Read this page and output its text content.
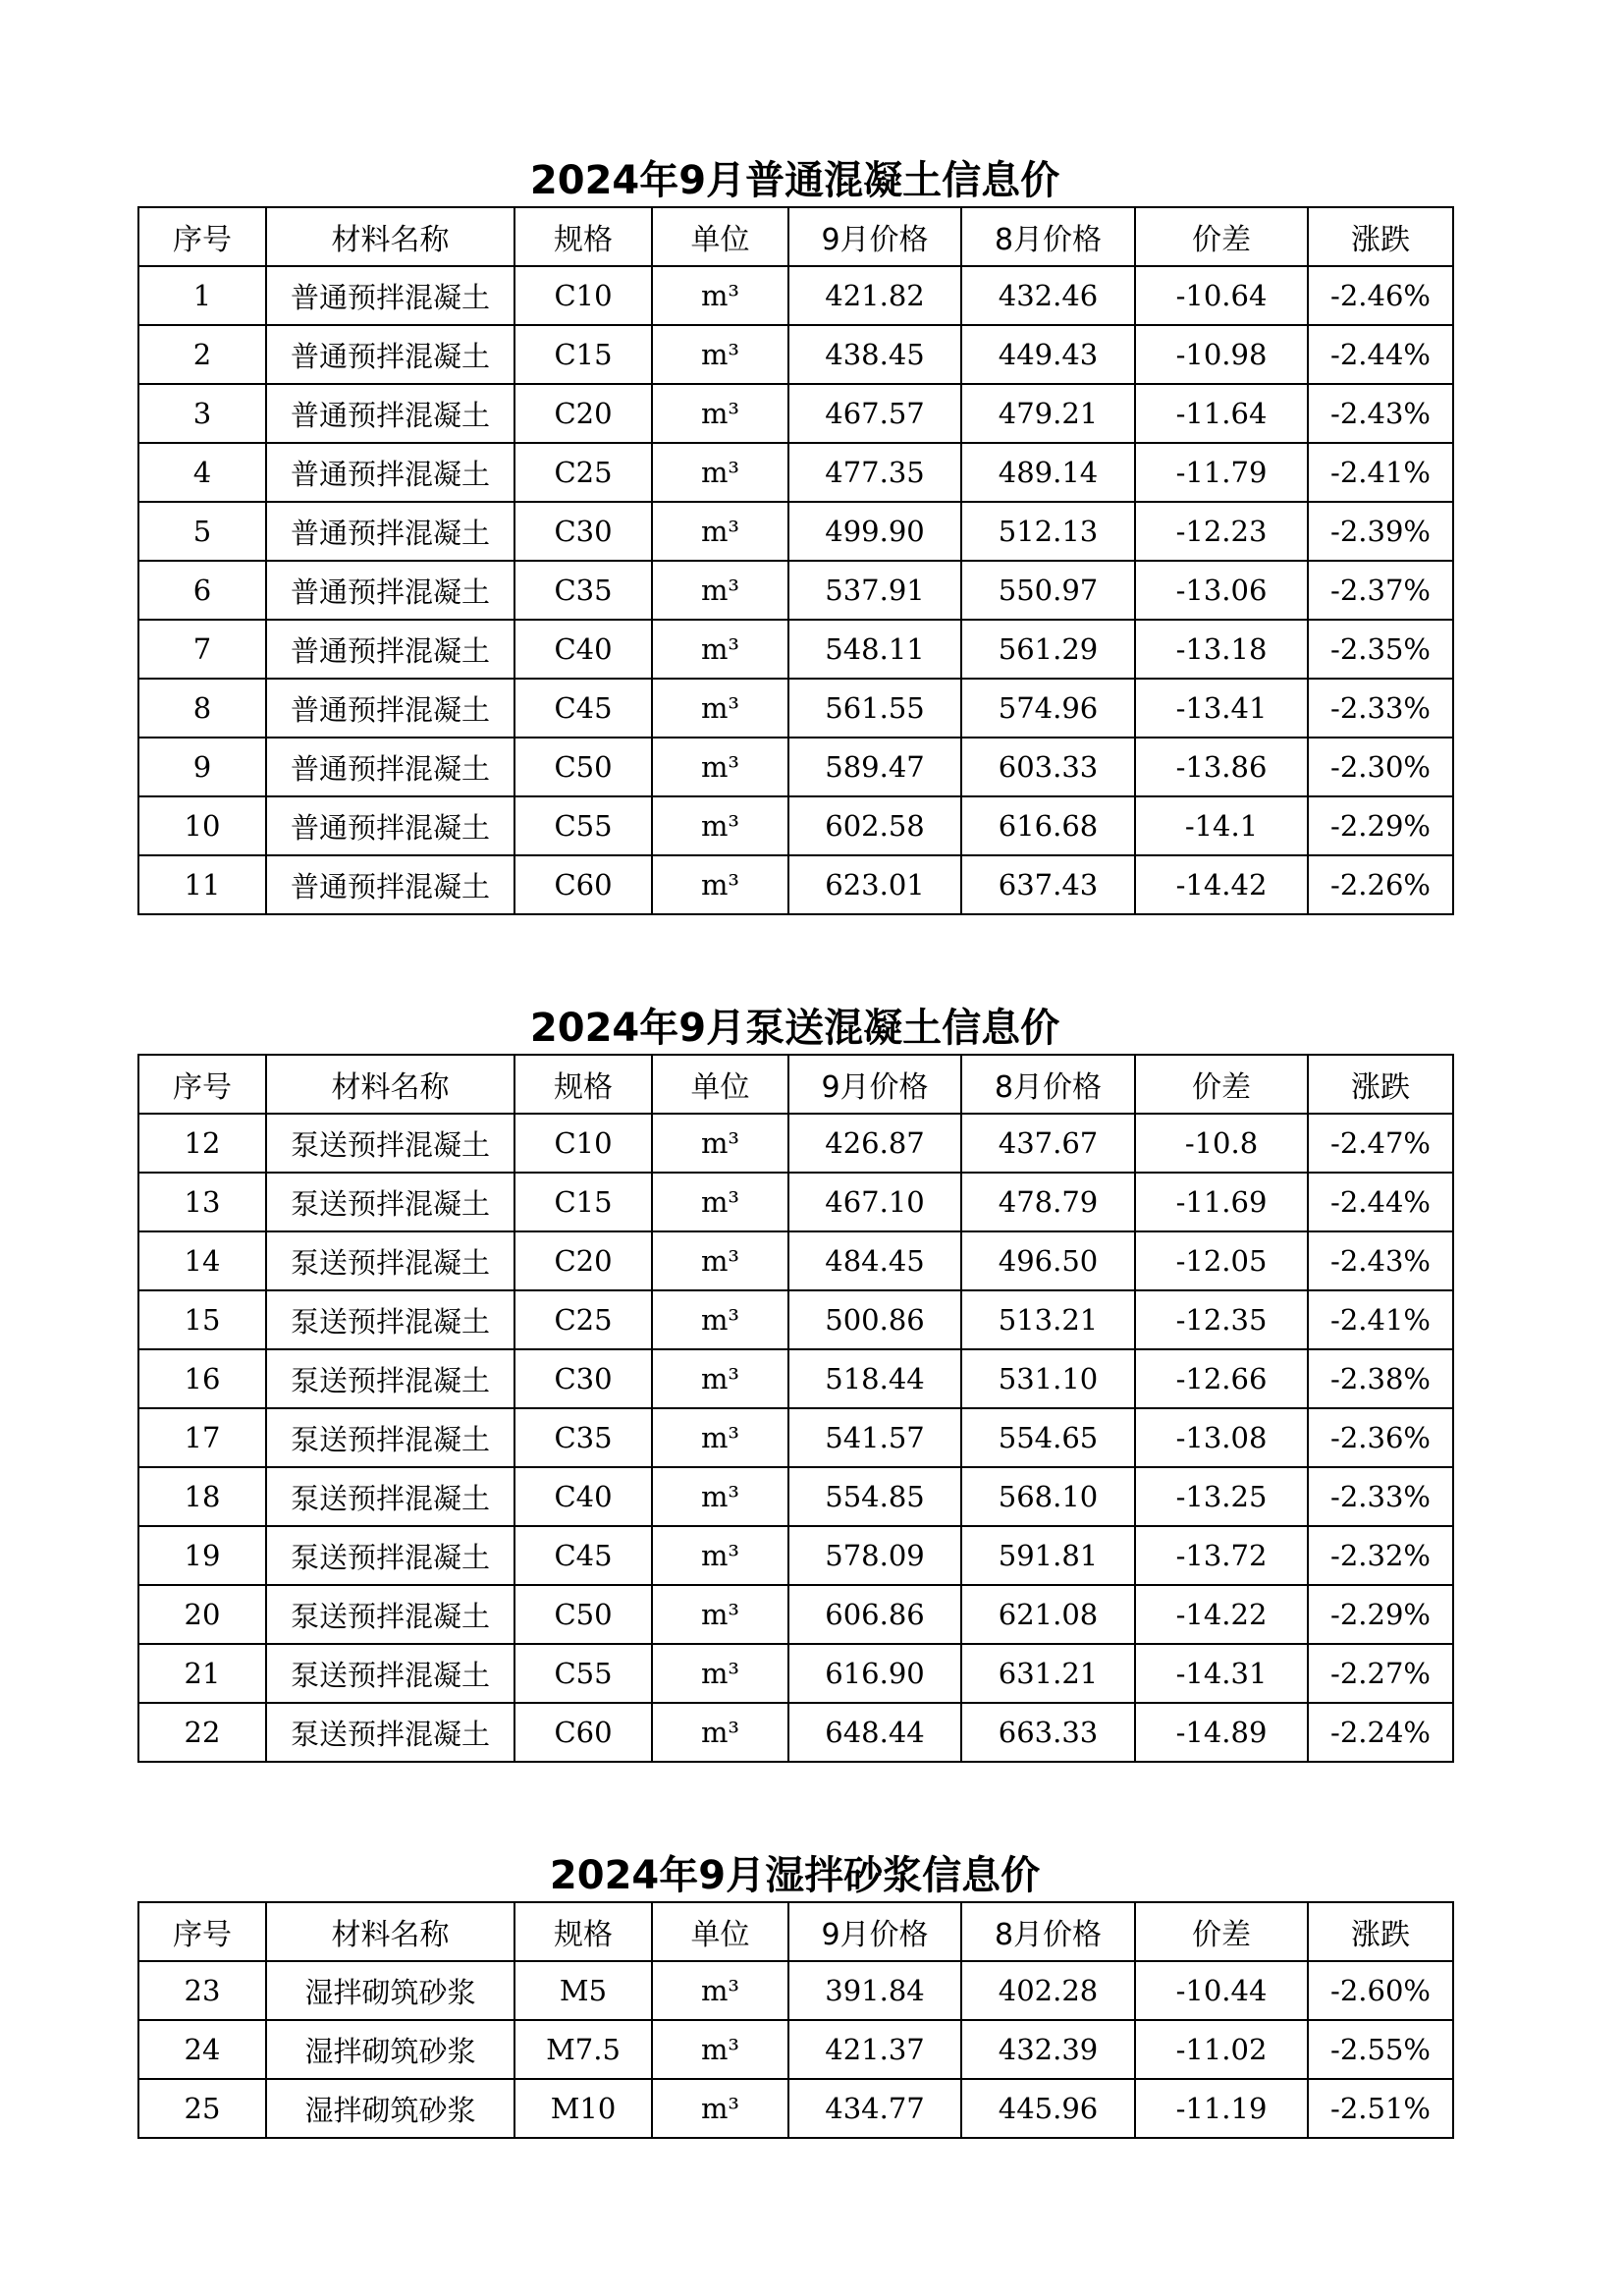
2024年9月普通混凝土信息价
序号	材料名称	规格	单位	9月价格	8月价格	价差	涨跌
1	普通预拌混凝土	C10	m³	421.82	432.46	-10.64	-2.46%
2	普通预拌混凝土	C15	m³	438.45	449.43	-10.98	-2.44%
3	普通预拌混凝土	C20	m³	467.57	479.21	-11.64	-2.43%
4	普通预拌混凝土	C25	m³	477.35	489.14	-11.79	-2.41%
5	普通预拌混凝土	C30	m³	499.90	512.13	-12.23	-2.39%
6	普通预拌混凝土	C35	m³	537.91	550.97	-13.06	-2.37%
7	普通预拌混凝土	C40	m³	548.11	561.29	-13.18	-2.35%
8	普通预拌混凝土	C45	m³	561.55	574.96	-13.41	-2.33%
9	普通预拌混凝土	C50	m³	589.47	603.33	-13.86	-2.30%
10	普通预拌混凝土	C55	m³	602.58	616.68	-14.1	-2.29%
11	普通预拌混凝土	C60	m³	623.01	637.43	-14.42	-2.26%
2024年9月泵送混凝土信息价
序号	材料名称	规格	单位	9月价格	8月价格	价差	涨跌
12	泵送预拌混凝土	C10	m³	426.87	437.67	-10.8	-2.47%
13	泵送预拌混凝土	C15	m³	467.10	478.79	-11.69	-2.44%
14	泵送预拌混凝土	C20	m³	484.45	496.50	-12.05	-2.43%
15	泵送预拌混凝土	C25	m³	500.86	513.21	-12.35	-2.41%
16	泵送预拌混凝土	C30	m³	518.44	531.10	-12.66	-2.38%
17	泵送预拌混凝土	C35	m³	541.57	554.65	-13.08	-2.36%
18	泵送预拌混凝土	C40	m³	554.85	568.10	-13.25	-2.33%
19	泵送预拌混凝土	C45	m³	578.09	591.81	-13.72	-2.32%
20	泵送预拌混凝土	C50	m³	606.86	621.08	-14.22	-2.29%
21	泵送预拌混凝土	C55	m³	616.90	631.21	-14.31	-2.27%
22	泵送预拌混凝土	C60	m³	648.44	663.33	-14.89	-2.24%
2024年9月湿拌砂浆信息价
序号	材料名称	规格	单位	9月价格	8月价格	价差	涨跌
23	湿拌砌筑砂浆	M5	m³	391.84	402.28	-10.44	-2.60%
24	湿拌砌筑砂浆	M7.5	m³	421.37	432.39	-11.02	-2.55%
25	湿拌砌筑砂浆	M10	m³	434.77	445.96	-11.19	-2.51%
